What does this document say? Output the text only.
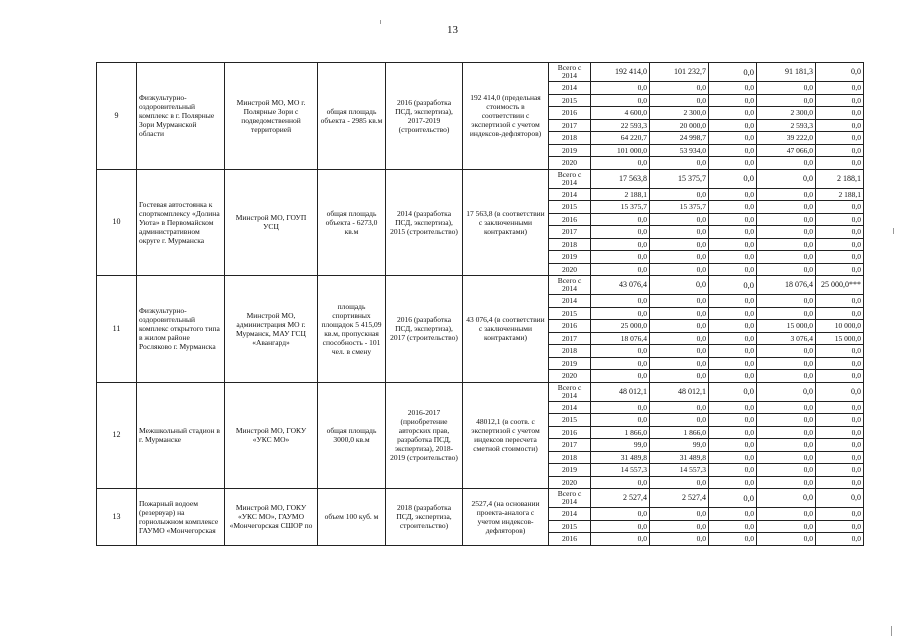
13
9	Физкультурно-оздоровительный комплекс в г. Полярные Зори Мурманской области	Минстрой МО, МО г. Полярные Зори с подведомственной территорией	общая площадь объекта - 2985 кв.м	2016 (разработка ПСД, экспертиза), 2017-2019 (строительство)	192 414,0 (предельная стоимость в соответствии с экспертизой с учетом индексов-дефляторов)	Всего с 2014	192 414,0	101 232,7	0,0	91 181,3	0,0
						2014	0,0	0,0	0,0	0,0	0,0
						2015	0,0	0,0	0,0	0,0	0,0
						2016	4 600,0	2 300,0	0,0	2 300,0	0,0
						2017	22 593,3	20 000,0	0,0	2 593,3	0,0
						2018	64 220,7	24 998,7	0,0	39 222,0	0,0
						2019	101 000,0	53 934,0	0,0	47 066,0	0,0
						2020	0,0	0,0	0,0	0,0	0,0
10	Гостевая автостоянка к спорткомплексу «Долина Уюта» в Первомайском административном округе г. Мурманска	Минстрой МО, ГОУП УСЦ	общая площадь объекта - 6273,0 кв.м	2014 (разработка ПСД, экспертиза), 2015 (строительство)	17 563,8 (в соответствии с заключенными контрактами)	Всего с 2014	17 563,8	15 375,7	0,0	0,0	2 188,1
						2014	2 188,1	0,0	0,0	0,0	2 188,1
						2015	15 375,7	15 375,7	0,0	0,0	0,0
						2016	0,0	0,0	0,0	0,0	0,0
						2017	0,0	0,0	0,0	0,0	0,0
						2018	0,0	0,0	0,0	0,0	0,0
						2019	0,0	0,0	0,0	0,0	0,0
						2020	0,0	0,0	0,0	0,0	0,0
11	Физкультурно-оздоровительный комплекс открытого типа в жилом районе Росляково г. Мурманска	Минстрой МО, администрация МО г. Мурманск, МАУ ГСЦ «Авангард»	площадь спортивных площадок 5 415,09 кв.м, пропускная способность - 101 чел. в смену	2016 (разработка ПСД, экспертиза), 2017 (строительство)	43 076,4 (в соответствии с заключенными контрактами)	Всего с 2014	43 076,4	0,0	0,0	18 076,4	25 000,0***
						2014	0,0	0,0	0,0	0,0	0,0
						2015	0,0	0,0	0,0	0,0	0,0
						2016	25 000,0	0,0	0,0	15 000,0	10 000,0
						2017	18 076,4	0,0	0,0	3 076,4	15 000,0
						2018	0,0	0,0	0,0	0,0	0,0
						2019	0,0	0,0	0,0	0,0	0,0
						2020	0,0	0,0	0,0	0,0	0,0
12	Межшкольный стадион в г. Мурманске	Минстрой МО, ГОКУ «УКС МО»	общая площадь 3000,0 кв.м	2016-2017 (приобретение авторских прав, разработка ПСД, экспертиза), 2018-2019 (строительство)	48012,1 (в соотв. с экспертизой с учетом индексов пересчета сметной стоимости)	Всего с 2014	48 012,1	48 012,1	0,0	0,0	0,0
						2014	0,0	0,0	0,0	0,0	0,0
						2015	0,0	0,0	0,0	0,0	0,0
						2016	1 866,0	1 866,0	0,0	0,0	0,0
						2017	99,0	99,0	0,0	0,0	0,0
						2018	31 489,8	31 489,8	0,0	0,0	0,0
						2019	14 557,3	14 557,3	0,0	0,0	0,0
						2020	0,0	0,0	0,0	0,0	0,0
13	Пожарный водоем (резервуар) на горнолыжном комплексе ГАУМО «Мончегорская	Минстрой МО, ГОКУ «УКС МО», ГАУМО «Мончегорская СШОР по	объем 100 куб. м	2018 (разработка ПСД, экспертиза, строительство)	2527,4 (на основании проекта-аналога с учетом индексов-дефляторов)	Всего с 2014	2 527,4	2 527,4	0,0	0,0	0,0
						2014	0,0	0,0	0,0	0,0	0,0
						2015	0,0	0,0	0,0	0,0	0,0
						2016	0,0	0,0	0,0	0,0	0,0
